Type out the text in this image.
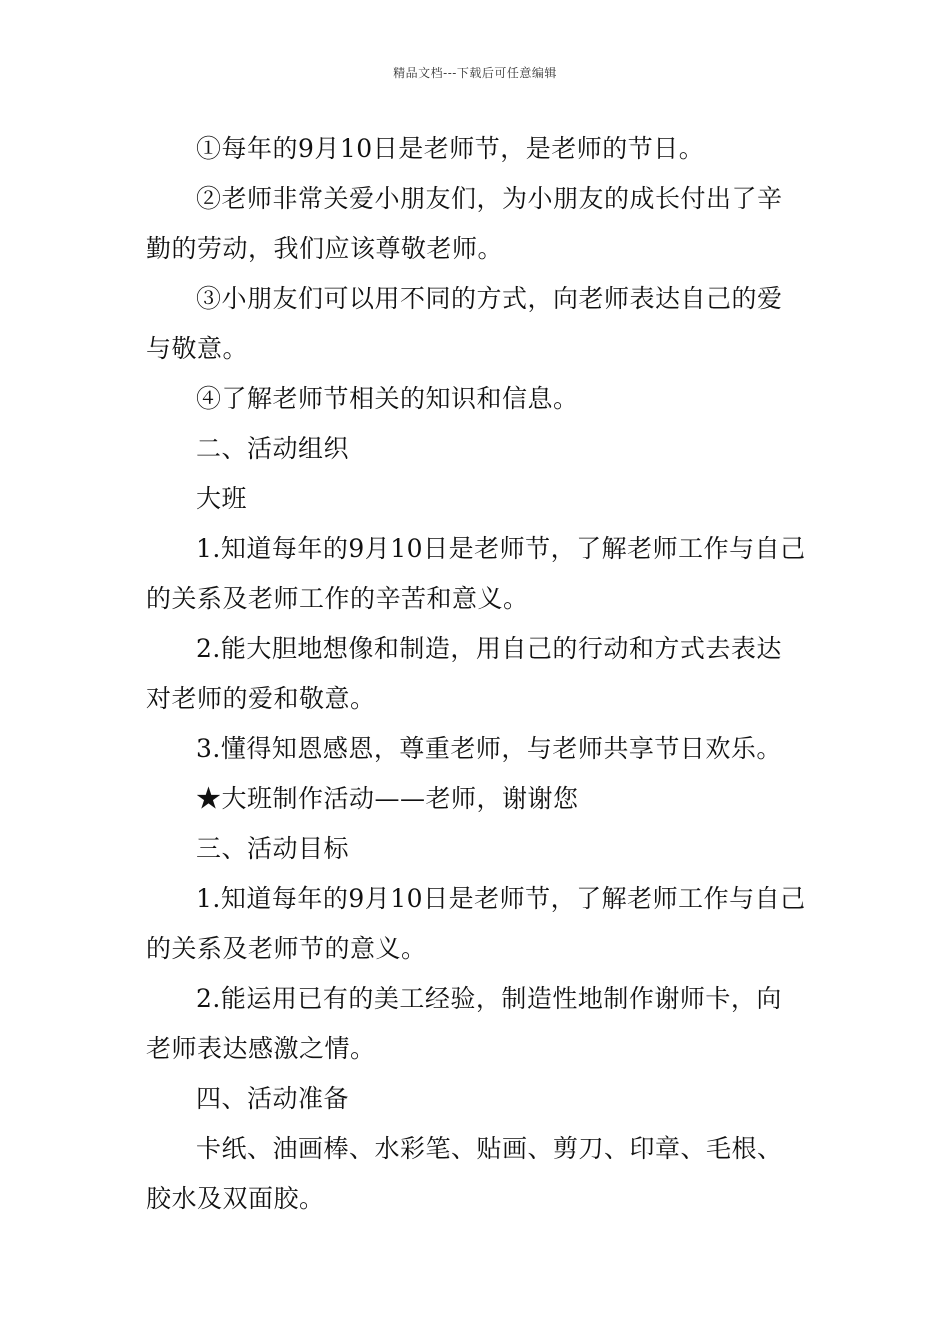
精品文档---下载后可任意编辑

①每年的9月10日是老师节，是老师的节日。

②老师非常关爱小朋友们，为小朋友的成长付出了辛勤的劳动，我们应该尊敬老师。

③小朋友们可以用不同的方式，向老师表达自己的爱与敬意。

④了解老师节相关的知识和信息。

二、活动组织

大班

1.知道每年的9月10日是老师节，了解老师工作与自己的关系及老师工作的辛苦和意义。

2.能大胆地想像和制造，用自己的行动和方式去表达对老师的爱和敬意。

3.懂得知恩感恩，尊重老师，与老师共享节日欢乐。

★大班制作活动——老师，谢谢您

三、活动目标

1.知道每年的9月10日是老师节，了解老师工作与自己的关系及老师节的意义。

2.能运用已有的美工经验，制造性地制作谢师卡，向老师表达感激之情。

四、活动准备

卡纸、油画棒、水彩笔、贴画、剪刀、印章、毛根、胶水及双面胶。
